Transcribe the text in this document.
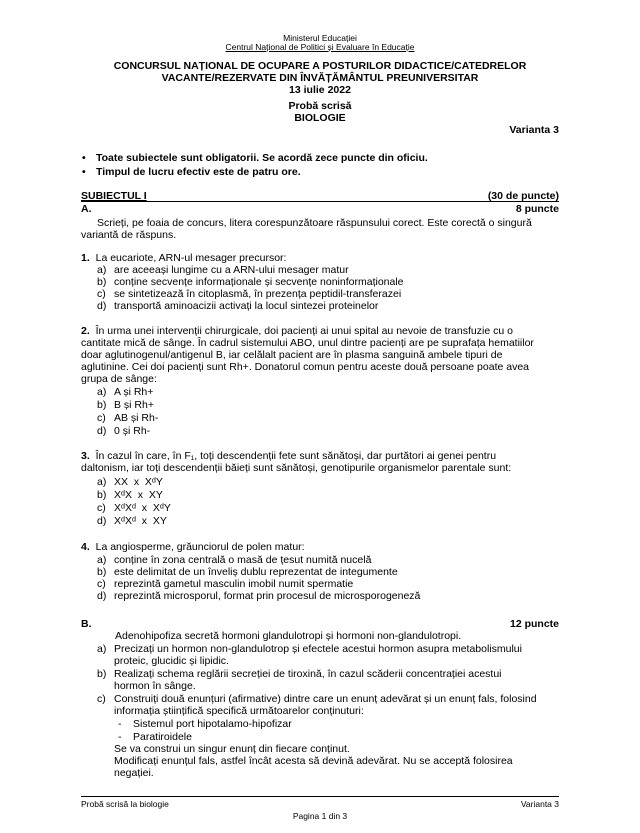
Ministerul Educației
Centrul Național de Politici și Evaluare în Educație
CONCURSUL NAȚIONAL DE OCUPARE A POSTURILOR DIDACTICE/CATEDRELOR
VACANTE/REZERVATE DIN ÎNVĂȚĂMÂNTUL PREUNIVERSITAR
13 iulie 2022
Probă scrisă
BIOLOGIE
Varianta 3
• Toate subiectele sunt obligatorii. Se acordă zece puncte din oficiu.
• Timpul de lucru efectiv este de patru ore.
SUBIECTUL I	(30 de puncte)
A.	8 puncte
Scrieți, pe foaia de concurs, litera corespunzătoare răspunsului corect. Este corectă o singură
variantă de răspuns.
1. La eucariote, ARN-ul mesager precursor:
a) are aceeași lungime cu a ARN-ului mesager matur
b) conține secvențe informaționale și secvențe noninformaționale
c) se sintetizează în citoplasmă, în prezența peptidil-transferazei
d) transportă aminoacizii activați la locul sintezei proteinelor
2. În urma unei intervenții chirurgicale, doi pacienți ai unui spital au nevoie de transfuzie cu o
cantitate mică de sânge. În cadrul sistemului ABO, unul dintre pacienți are pe suprafața hematiilor
doar aglutinogenul/antigenul B, iar celălalt pacient are în plasma sanguină ambele tipuri de
aglutinine. Cei doi pacienți sunt Rh+. Donatorul comun pentru aceste două persoane poate avea
grupa de sânge:
a) A și Rh+
b) B și Rh+
c) AB și Rh-
d) 0 și Rh-
3. În cazul în care, în F₁, toți descendenții fete sunt sănătoși, dar purtători ai genei pentru
daltonism, iar toți descendenții băieți sunt sănătoși, genotipurile organismelor parentale sunt:
a) XX  x  XᵈY
b) XᵈX  x  XY
c) XᵈXᵈ  x  XᵈY
d) XᵈXᵈ  x  XY
4. La angiosperme, grăunciorul de polen matur:
a) conține în zona centrală o masă de țesut numită nucelă
b) este delimitat de un înveliș dublu reprezentat de integumente
c) reprezintă gametul masculin imobil numit spermatie
d) reprezintă microsporul, format prin procesul de microsporogeneză
B.	12 puncte
Adenohipofiza secretă hormoni glandulotropi și hormoni non-glandulotropi.
a) Precizați un hormon non-glandulotrop și efectele acestui hormon asupra metabolismului
proteic, glucidic și lipidic.
b) Realizați schema reglării secreției de tiroxină, în cazul scăderii concentrației acestui
hormon în sânge.
c) Construiți două enunțuri (afirmative) dintre care un enunț adevărat și un enunț fals, folosind
informația științifică specifică următoarelor conținuturi:
-	Sistemul port hipotalamo-hipofizar
-	Paratiroidele
Se va construi un singur enunț din fiecare conținut.
Modificați enunțul fals, astfel încât acesta să devină adevărat. Nu se acceptă folosirea
negației.
Probă scrisă la biologie	Varianta 3
Pagina 1 din 3
